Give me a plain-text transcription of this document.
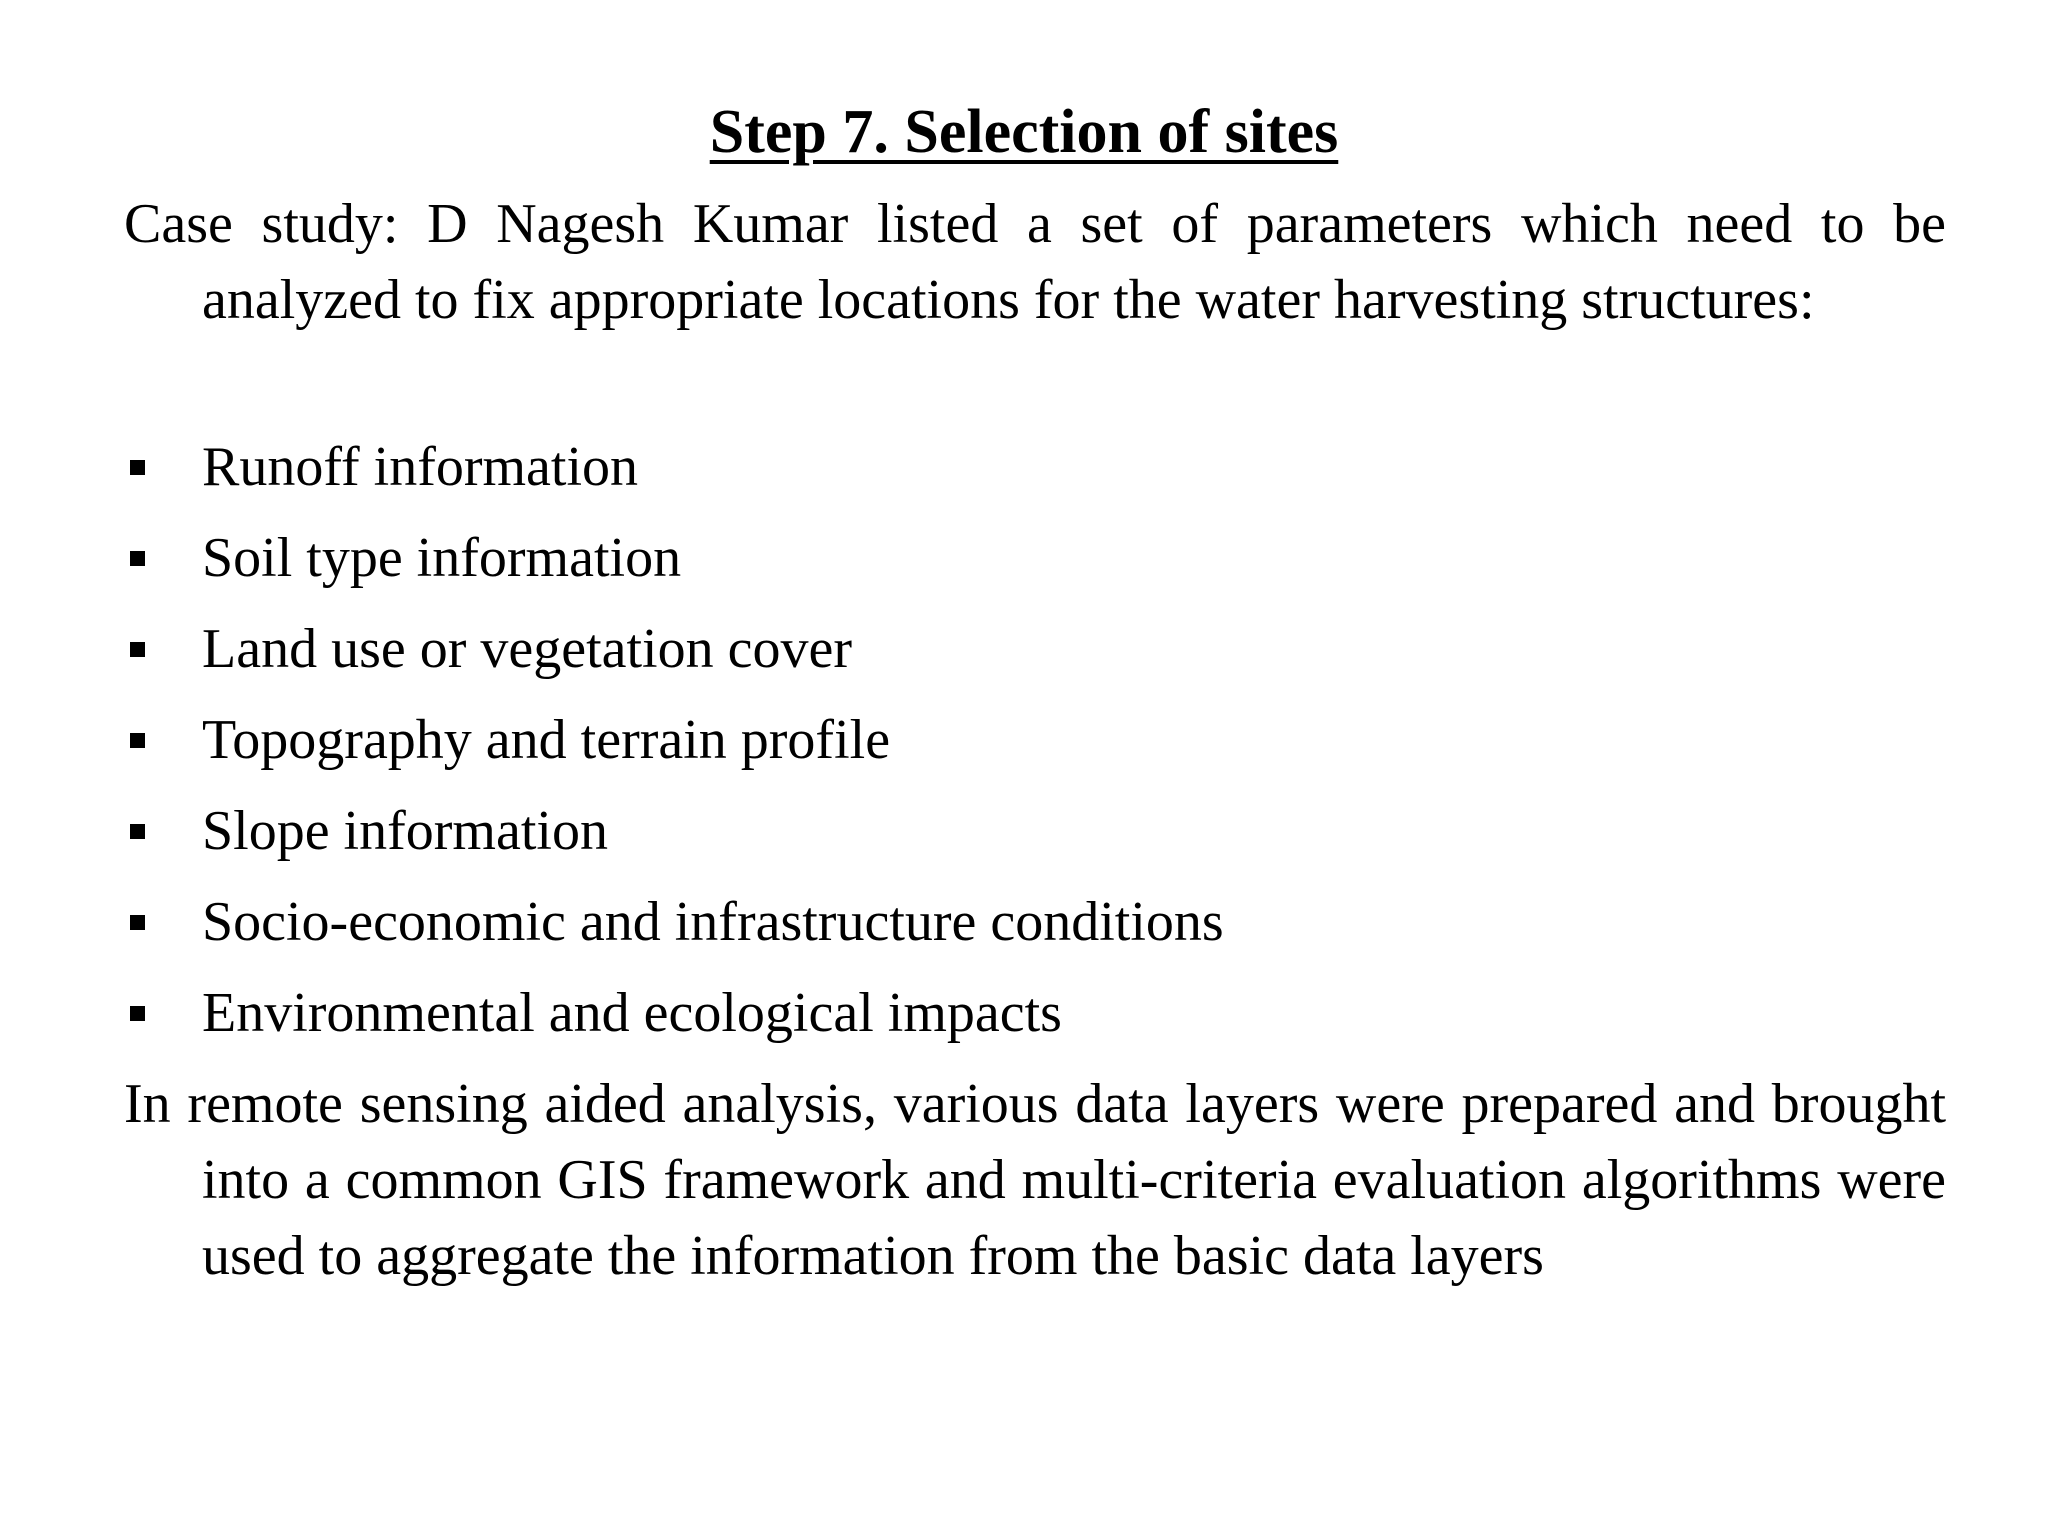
Step 7. Selection of sites

Case study: D Nagesh Kumar listed a set of parameters which need to be analyzed to fix appropriate locations for the water harvesting structures:

Runoff information
Soil type information
Land use or vegetation cover
Topography and terrain profile
Slope information
Socio-economic and infrastructure conditions
Environmental and ecological impacts

In remote sensing aided analysis, various data layers were prepared and brought into a common GIS framework and multi-criteria evaluation algorithms were used to aggregate the information from the basic data layers
